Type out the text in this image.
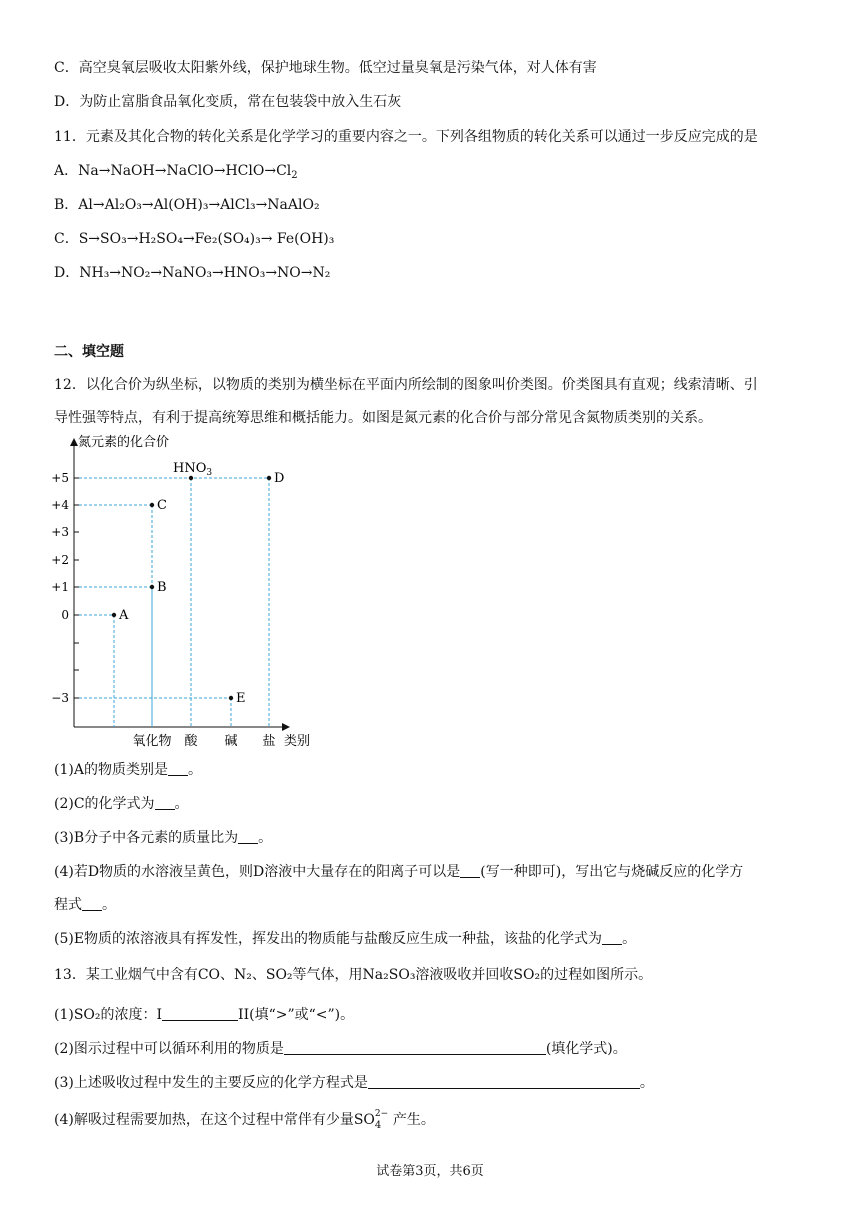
C．高空臭氧层吸收太阳紫外线，保护地球生物。低空过量臭氧是污染气体，对人体有害
D．为防止富脂食品氧化变质，常在包装袋中放入生石灰
11．元素及其化合物的转化关系是化学学习的重要内容之一。下列各组物质的转化关系可以通过一步反应完成的是
A．$Na\to NaOH\to NaClO\to HClO\to Cl_2$
B．Al→Al₂O₃→Al(OH)₃→AlCl₃→NaAlO₂
C．S→SO₃→H₂SO₄→Fe₂(SO₄)₃→ Fe(OH)₃
D．NH₃→NO₂→NaNO₃→HNO₃→NO→N₂
二、填空题
12．以化合价为纵坐标，以物质的类别为横坐标在平面内所绘制的图象叫价类图。价类图具有直观；线索清晰、引
导性强等特点，有利于提高统筹思维和概括能力。如图是氮元素的化合价与部分常见含氮物质类别的关系。
氮元素的化合价
类别
+5
+4
+3
+2
+1
0
−3
氧化物 酸 碱 盐
A
B
C
$HNO_3$	D
E
(1)A的物质类别是 。
(2)C的化学式为 。
(3)B分子中各元素的质量比为 。
(4)若D物质的水溶液呈黄色，则D溶液中大量存在的阳离子可以是 (写一种即可)，写出它与烧碱反应的化学方
程式 。
(5)E物质的浓溶液具有挥发性，挥发出的物质能与盐酸反应生成一种盐，该盐的化学式为 。
13．某工业烟气中含有CO、N₂、SO₂等气体，用Na₂SO₃溶液吸收并回收SO₂的过程如图所示。
(1)SO₂的浓度：I	II(填“>”或“<”)。
(2)图示过程中可以循环利用的物质是	(填化学式)。
(3)上述吸收过程中发生的主要反应的化学方程式是	。
(4)解吸过程需要加热，在这个过程中常伴有少量SO 2−
4 产生。
试卷第3页，共6页
